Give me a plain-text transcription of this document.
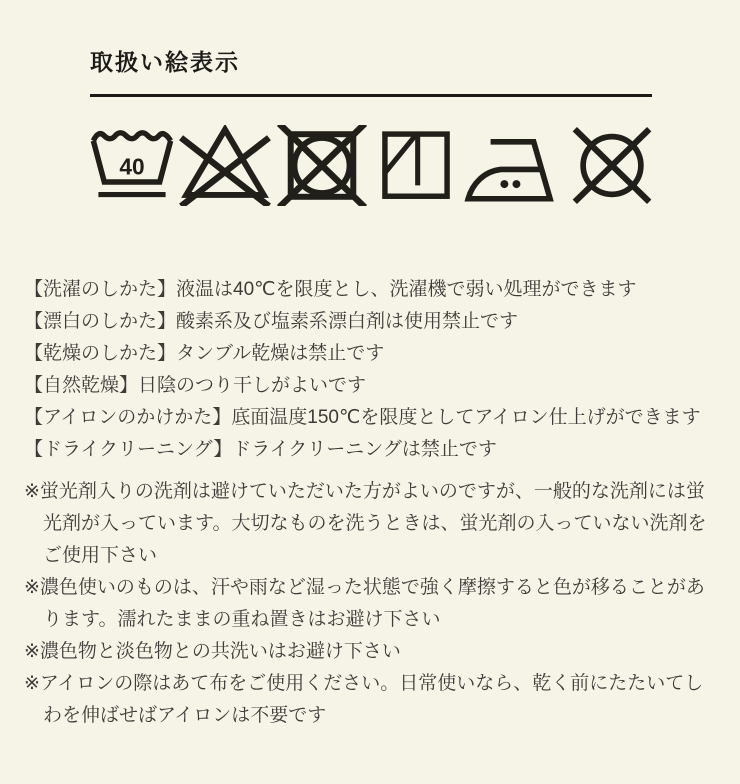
取扱い絵表示
40

【洗濯のしかた】液温は40℃を限度とし、洗濯機で弱い処理ができます

【漂白のしかた】酸素系及び塩素系漂白剤は使用禁止です

【乾燥のしかた】タンブル乾燥は禁止です

【自然乾燥】日陰のつり干しがよいです

【アイロンのかけかた】底面温度150℃を限度としてアイロン仕上げができます

【ドライクリーニング】ドライクリーニングは禁止です

※蛍光剤入りの洗剤は避けていただいた方がよいのですが、一般的な洗剤には蛍光剤が入っています。大切なものを洗うときは、蛍光剤の入っていない洗剤をご使用下さい

※濃色使いのものは、汗や雨など湿った状態で強く摩擦すると色が移ることがあります。濡れたままの重ね置きはお避け下さい

※濃色物と淡色物との共洗いはお避け下さい

※アイロンの際はあて布をご使用ください。日常使いなら、乾く前にたたいてしわを伸ばせばアイロンは不要です
